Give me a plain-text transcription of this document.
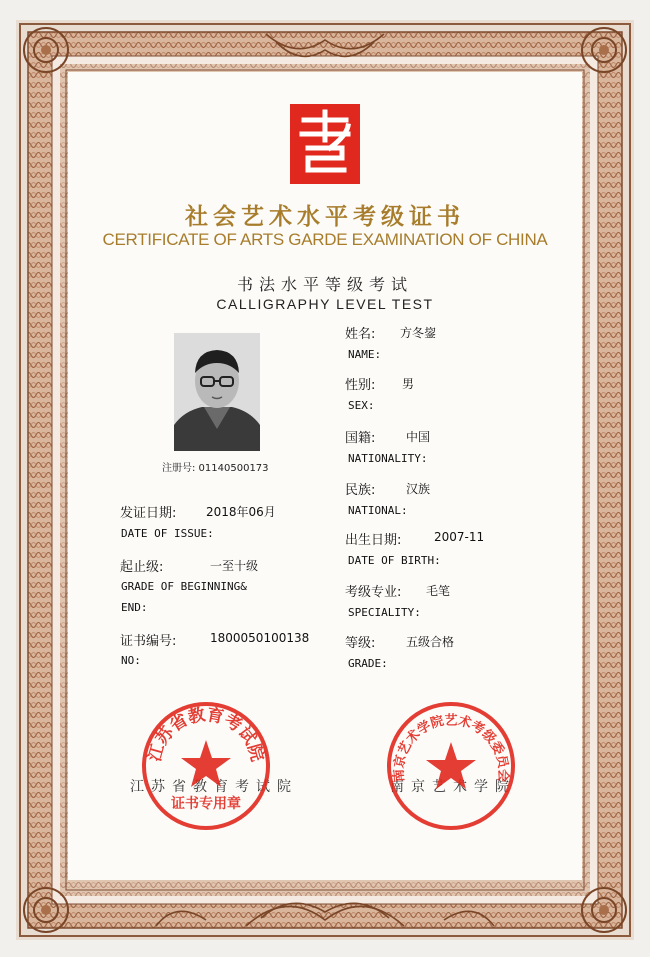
社会艺术水平考级证书
CERTIFICATE OF ARTS GARDE EXAMINATION OF CHINA
书法水平等级考试
CALLIGRAPHY LEVEL TEST
注册号: 01140500173
姓名: 方冬鋆
NAME:
性别: 男
SEX:
国籍:	中国
NATIONALITY:
民族:	汉族
NATIONAL:
出生日期:	2007-11
DATE OF BIRTH:
考级专业: 毛笔
SPECIALITY:
等级:	五级合格
GRADE:
发证日期: 2018年06月
DATE OF ISSUE:
起止级:	一至十级
GRADE OF BEGINNING&
END:
证书编号:	1800050100138
NO:
江苏省教育考试院	南京艺术学院
江苏省教育考试院
证书专用章
南京艺术学院艺术考级委员会
